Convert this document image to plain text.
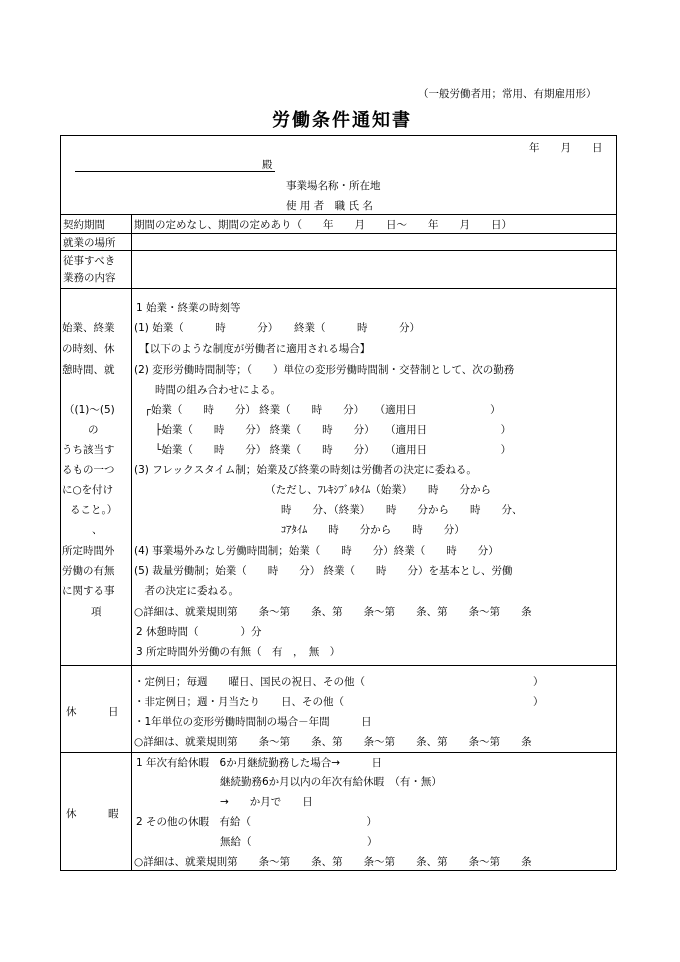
（一般労働者用；常用、有期雇用形）
労働条件通知書
年　　月　　日
殿
事業場名称・所在地
使 用 者　職 氏 名
契約期間	期間の定めなし、期間の定めあり（　　年　　月　　日～　　年　　月　　日）
就業の場所
従事すべき
業務の内容
始業、終業
の時刻、休
憩時間、就
（(1)～(5)
の
うち該当す
るもの一つ
に○を付け
ること。）
、
所定時間外
労働の有無
に関する事
項
1 始業・終業の時刻等
(1) 始業（　　　時　　　分）　　終業（　　　時　　　分）
　【以下のような制度が労働者に適用される場合】
(2) 変形労働時間制等；（　　）単位の変形労働時間制・交替制として、次の勤務
　　時間の組み合わせによる。
　┌始業（　　時　　分） 終業（　　時　　分）　　（適用日　　　　　　　）
　　├始業（　　時　　分） 終業（　　時　　分）　　（適用日　　　　　　　）
　　└始業（　　時　　分） 終業（　　時　　分）　　（適用日　　　　　　　）
(3) フレックスタイム制；始業及び終業の時刻は労働者の決定に委ねる。
　　　　　　　　　　　　　（ただし、ﾌﾚｷｼﾌﾞﾙﾀｲﾑ（始業）　　時　　分から
　　　　　　　　　　　　　　時　　分、（終業）　　時　　分から　　時　　分、
　　　　　　　　　　　　　　ｺｱﾀｲﾑ　　時　　分から　　時　　分）
(4) 事業場外みなし労働時間制；始業（　　時　　分）終業（　　時　　分）
(5) 裁量労働制；始業（　　時　　分） 終業（　　時　　分）を基本とし、労働
　者の決定に委ねる。
○詳細は、就業規則第　　条～第　　条、第　　条～第　　条、第　　条～第　　条
2 休憩時間（　　　　）分
3 所定時間外労働の有無（　有　，　無　）
休　　　日
・定例日；毎週　　曜日、国民の祝日、その他（　　　　　　　　　　　　　　　　）
・非定例日；週・月当たり　　日、その他（　　　　　　　　　　　　　　　　　　）
・1年単位の変形労働時間制の場合－年間　　　日
○詳細は、就業規則第　　条～第　　条、第　　条～第　　条、第　　条～第　　条
休　　　暇
1 年次有給休暇　6か月継続勤務した場合→　　　日
　　　　　　　　継続勤務6か月以内の年次有給休暇　（有・無）
　　　　　　　　→　　か月で　　日
2 その他の休暇　有給（　　　　　　　　　　　）
　　　　　　　　無給（　　　　　　　　　　　）
○詳細は、就業規則第　　条～第　　条、第　　条～第　　条、第　　条～第　　条
